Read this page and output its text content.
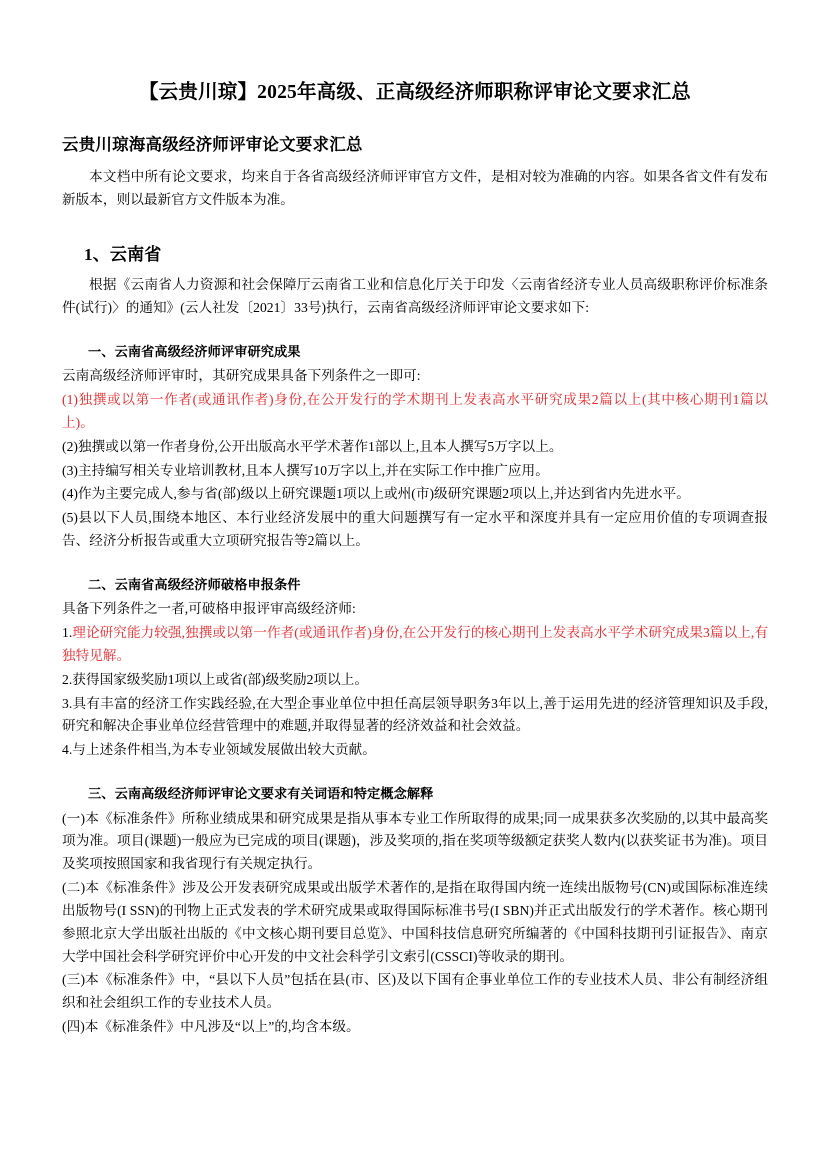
【云贵川琼】2025年高级、正高级经济师职称评审论文要求汇总
云贵川琼海高级经济师评审论文要求汇总

本文档中所有论文要求，均来自于各省高级经济师评审官方文件，是相对较为准确的内容。如果各省文件有发布新版本，则以最新官方文件版本为准。

1、云南省

根据《云南省人力资源和社会保障厅云南省工业和信息化厅关于印发〈云南省经济专业人员高级职称评价标准条件(试行)〉的通知》(云人社发〔2021〕33号)执行，云南省高级经济师评审论文要求如下:

一、云南省高级经济师评审研究成果

云南高级经济师评审时，其研究成果具备下列条件之一即可:

(1)独撰或以第一作者(或通讯作者)身份,在公开发行的学术期刊上发表高水平研究成果2篇以上(其中核心期刊1篇以上)。

(2)独撰或以第一作者身份,公开出版高水平学术著作1部以上,且本人撰写5万字以上。

(3)主持编写相关专业培训教材,且本人撰写10万字以上,并在实际工作中推广应用。

(4)作为主要完成人,参与省(部)级以上研究课题1项以上或州(市)级研究课题2项以上,并达到省内先进水平。

(5)县以下人员,围绕本地区、本行业经济发展中的重大问题撰写有一定水平和深度并具有一定应用价值的专项调查报告、经济分析报告或重大立项研究报告等2篇以上。

二、云南省高级经济师破格申报条件

具备下列条件之一者,可破格申报评审高级经济师:

1.理论研究能力较强,独撰或以第一作者(或通讯作者)身份,在公开发行的核心期刊上发表高水平学术研究成果3篇以上,有独特见解。

2.获得国家级奖励1项以上或省(部)级奖励2项以上。

3.具有丰富的经济工作实践经验,在大型企事业单位中担任高层领导职务3年以上,善于运用先进的经济管理知识及手段,研究和解决企事业单位经营管理中的难题,并取得显著的经济效益和社会效益。

4.与上述条件相当,为本专业领域发展做出较大贡献。

三、云南高级经济师评审论文要求有关词语和特定概念解释

(一)本《标准条件》所称业绩成果和研究成果是指从事本专业工作所取得的成果;同一成果获多次奖励的,以其中最高奖项为准。项目(课题)一般应为已完成的项目(课题)，涉及奖项的,指在奖项等级额定获奖人数内(以获奖证书为准)。项目及奖项按照国家和我省现行有关规定执行。

(二)本《标准条件》涉及公开发表研究成果或出版学术著作的,是指在取得国内统一连续出版物号(CN)或国际标准连续出版物号(I SSN)的刊物上正式发表的学术研究成果或取得国际标准书号(I SBN)并正式出版发行的学术著作。核心期刊参照北京大学出版社出版的《中文核心期刊要目总览》、中国科技信息研究所编著的《中国科技期刊引证报告》、南京大学中国社会科学研究评价中心开发的中文社会科学引文索引(CSSCI)等收录的期刊。

(三)本《标准条件》中，“县以下人员”包括在县(市、区)及以下国有企事业单位工作的专业技术人员、非公有制经济组织和社会组织工作的专业技术人员。

(四)本《标准条件》中凡涉及“以上”的,均含本级。
